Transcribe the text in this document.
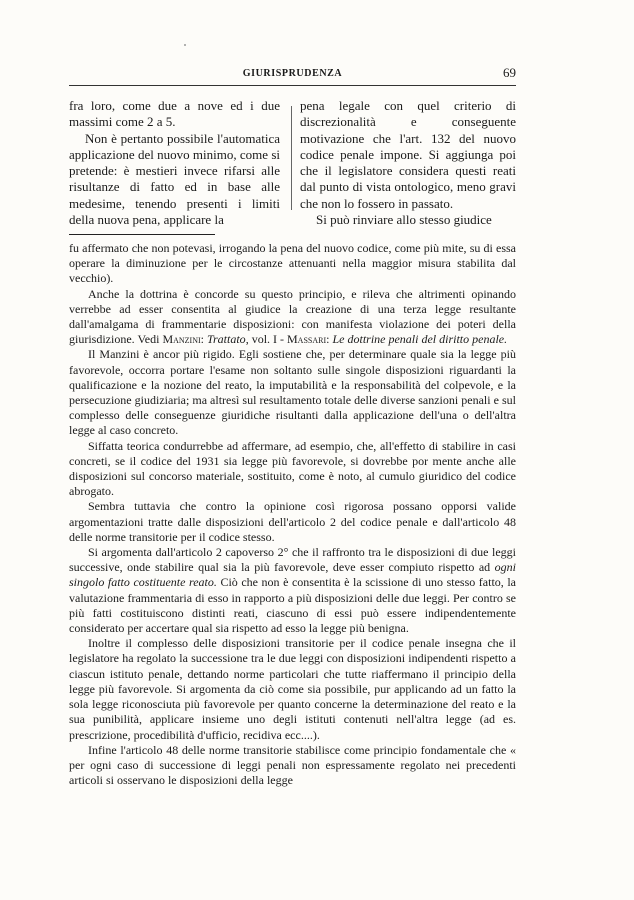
GIURISPRUDENZA	69

fra loro, come due a nove ed i due massimi come 2 a 5.

Non è pertanto possibile l'automatica applicazione del nuovo minimo, come si pretende: è mestieri invece rifarsi alle risultanze di fatto ed in base alle medesime, tenendo presenti i limiti della nuova pena, applicare la

pena legale con quel criterio di discrezionalità e conseguente motivazione che l'art. 132 del nuovo codice penale impone. Si aggiunga poi che il legislatore considera questi reati dal punto di vista ontologico, meno gravi che non lo fossero in passato.

Si può rinviare allo stesso giudice

fu affermato che non potevasi, irrogando la pena del nuovo codice, come più mite, su di essa operare la diminuzione per le circostanze attenuanti nella maggior misura stabilita dal vecchio).

Anche la dottrina è concorde su questo principio, e rileva che altrimenti opinando verrebbe ad esser consentita al giudice la creazione di una terza legge resultante dall'amalgama di frammentarie disposizioni: con manifesta violazione dei poteri della giurisdizione. Vedi Manzini: Trattato, vol. I - Massari: Le dottrine penali del diritto penale.

Il Manzini è ancor più rigido. Egli sostiene che, per determinare quale sia la legge più favorevole, occorra portare l'esame non soltanto sulle singole disposizioni riguardanti la qualificazione e la nozione del reato, la imputabilità e la responsabilità del colpevole, e la persecuzione giudiziaria; ma altresì sul resultamento totale delle diverse sanzioni penali e sul complesso delle conseguenze giuridiche risultanti dalla applicazione dell'una o dell'altra legge al caso concreto.

Siffatta teorica condurrebbe ad affermare, ad esempio, che, all'effetto di stabilire in casi concreti, se il codice del 1931 sia legge più favorevole, si dovrebbe por mente anche alle disposizioni sul concorso materiale, sostituito, come è noto, al cumulo giuridico del codice abrogato.

Sembra tuttavia che contro la opinione così rigorosa possano opporsi valide argomentazioni tratte dalle disposizioni dell'articolo 2 del codice penale e dall'articolo 48 delle norme transitorie per il codice stesso.

Si argomenta dall'articolo 2 capoverso 2° che il raffronto tra le disposizioni di due leggi successive, onde stabilire qual sia la più favorevole, deve esser compiuto rispetto ad ogni singolo fatto costituente reato. Ciò che non è consentita è la scissione di uno stesso fatto, la valutazione frammentaria di esso in rapporto a più disposizioni delle due leggi. Per contro se più fatti costituiscono distinti reati, ciascuno di essi può essere indipendentemente considerato per accertare qual sia rispetto ad esso la legge più benigna.

Inoltre il complesso delle disposizioni transitorie per il codice penale insegna che il legislatore ha regolato la successione tra le due leggi con disposizioni indipendenti rispetto a ciascun istituto penale, dettando norme particolari che tutte riaffermano il principio della legge più favorevole. Si argomenta da ciò come sia possibile, pur applicando ad un fatto la sola legge riconosciuta più favorevole per quanto concerne la determinazione del reato e la sua punibilità, applicare insieme uno degli istituti contenuti nell'altra legge (ad es. prescrizione, procedibilità d'ufficio, recidiva ecc....).

Infine l'articolo 48 delle norme transitorie stabilisce come principio fondamentale che « per ogni caso di successione di leggi penali non espressamente regolato nei precedenti articoli si osservano le disposizioni della legge
